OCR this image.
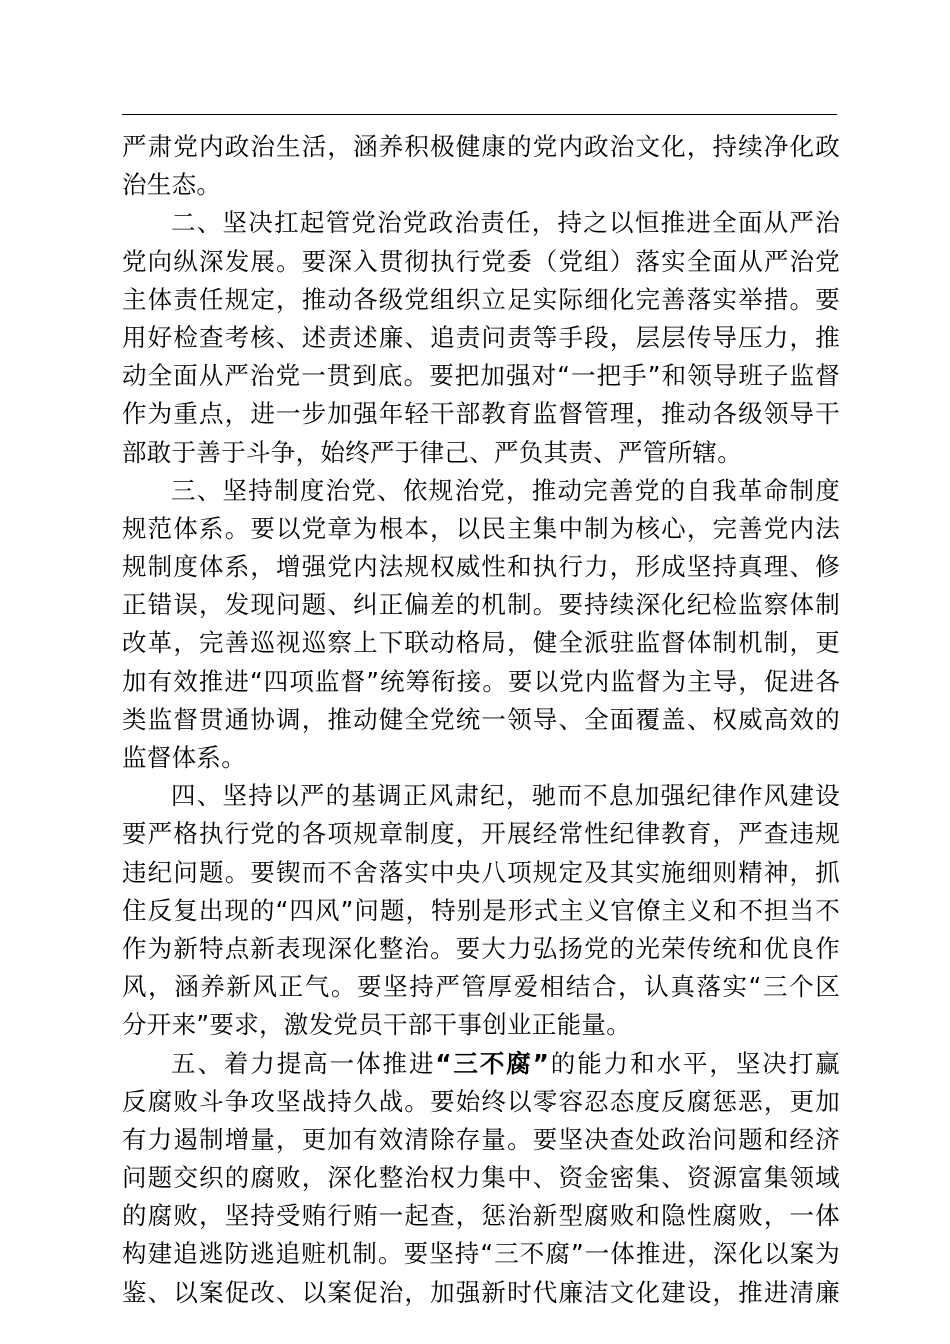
严肃党内政治生活，涵养积极健康的党内政治文化，持续净化政
治生态。
二、坚决扛起管党治党政治责任，持之以恒推进全面从严治
党向纵深发展。要深入贯彻执行党委（党组）落实全面从严治党
主体责任规定，推动各级党组织立足实际细化完善落实举措。要
用好检查考核、述责述廉、追责问责等手段，层层传导压力，推
动全面从严治党一贯到底。要把加强对“一把手”和领导班子监督
作为重点，进一步加强年轻干部教育监督管理，推动各级领导干
部敢于善于斗争，始终严于律己、严负其责、严管所辖。
三、坚持制度治党、依规治党，推动完善党的自我革命制度
规范体系。要以党章为根本，以民主集中制为核心，完善党内法
规制度体系，增强党内法规权威性和执行力，形成坚持真理、修
正错误，发现问题、纠正偏差的机制。要持续深化纪检监察体制
改革，完善巡视巡察上下联动格局，健全派驻监督体制机制，更
加有效推进“四项监督”统筹衔接。要以党内监督为主导，促进各
类监督贯通协调，推动健全党统一领导、全面覆盖、权威高效的
监督体系。
四、坚持以严的基调正风肃纪，驰而不息加强纪律作风建设
要严格执行党的各项规章制度，开展经常性纪律教育，严查违规
违纪问题。要锲而不舍落实中央八项规定及其实施细则精神，抓
住反复出现的“四风”问题，特别是形式主义官僚主义和不担当不
作为新特点新表现深化整治。要大力弘扬党的光荣传统和优良作
风，涵养新风正气。要坚持严管厚爱相结合，认真落实“三个区
分开来”要求，激发党员干部干事创业正能量。
五、着力提高一体推进“三不腐”的能力和水平，坚决打赢
反腐败斗争攻坚战持久战。要始终以零容忍态度反腐惩恶，更加
有力遏制增量，更加有效清除存量。要坚决查处政治问题和经济
问题交织的腐败，深化整治权力集中、资金密集、资源富集领域
的腐败，坚持受贿行贿一起查，惩治新型腐败和隐性腐败，一体
构建追逃防逃追赃机制。要坚持“三不腐”一体推进，深化以案为
鉴、以案促改、以案促治，加强新时代廉洁文化建设，推进清廉
